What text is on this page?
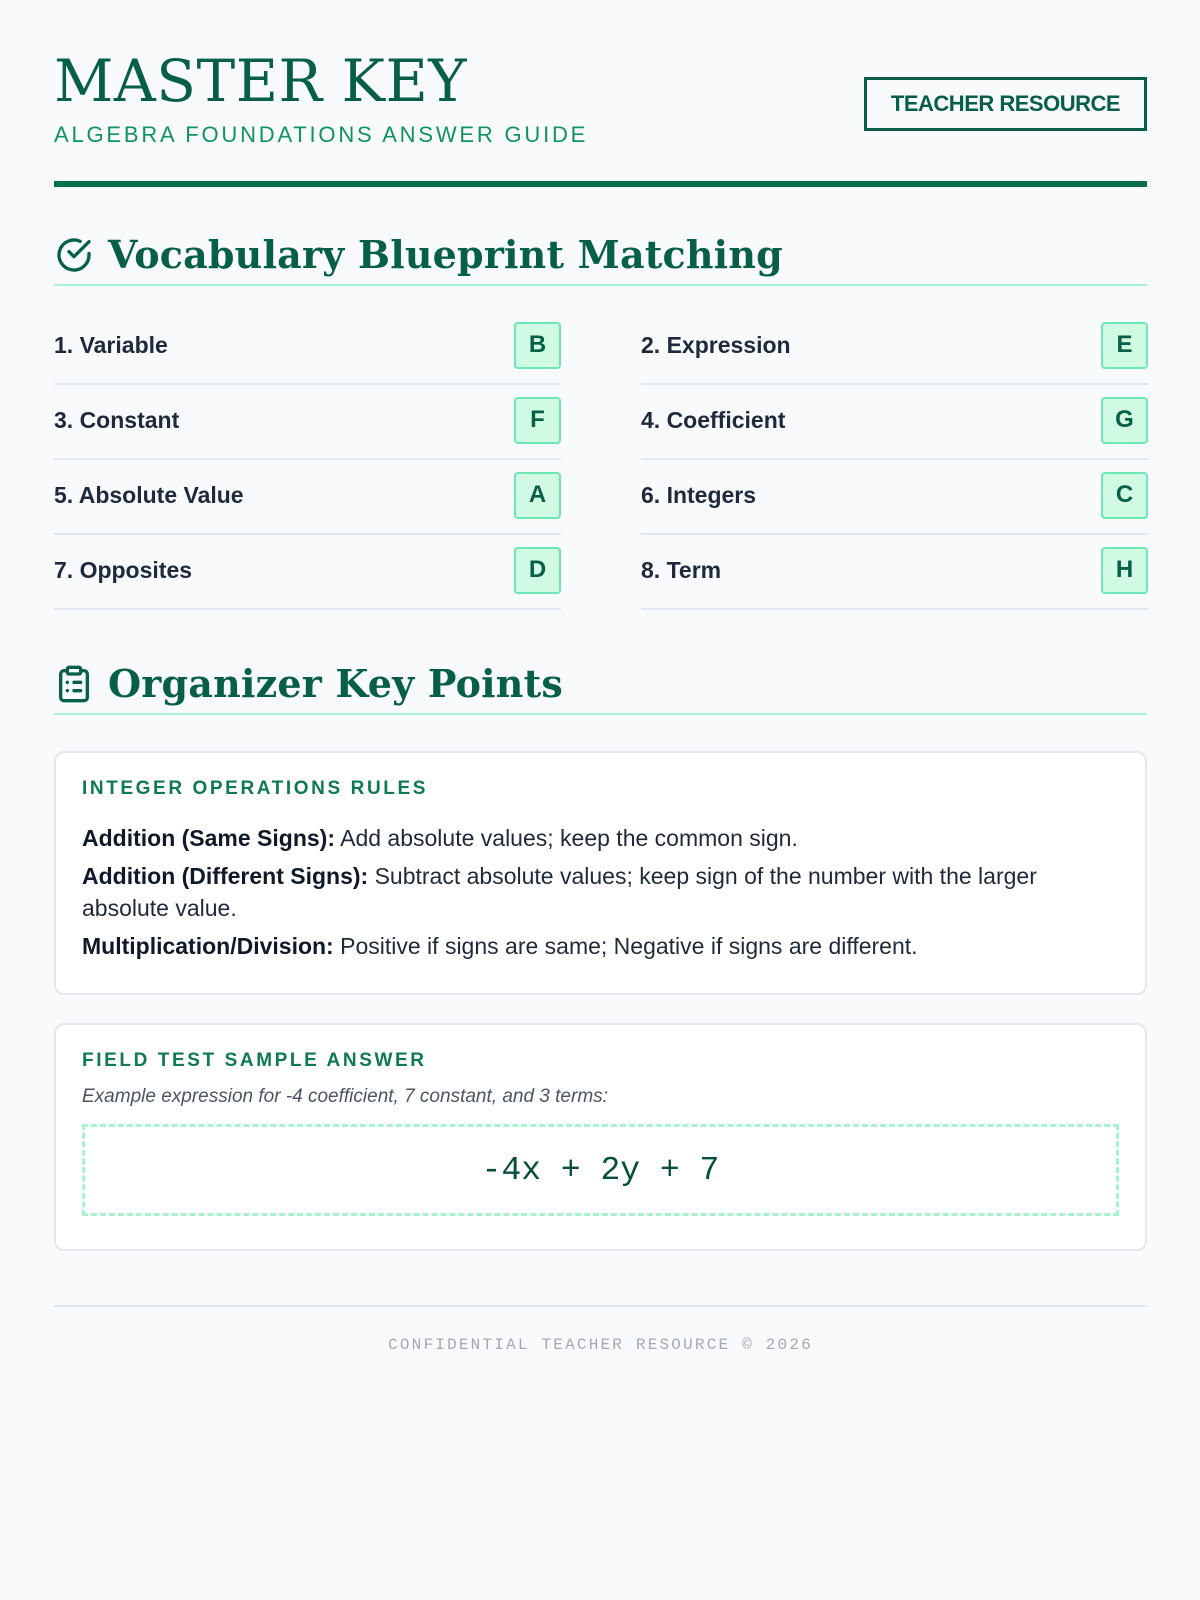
MASTER KEY
ALGEBRA FOUNDATIONS ANSWER GUIDE
TEACHER RESOURCE
Vocabulary Blueprint Matching
1. Variable	B
3. Constant	F
5. Absolute Value	A
7. Opposites	D
2. Expression	E
4. Coefficient	G
6. Integers	C
8. Term	H
Organizer Key Points
INTEGER OPERATIONS RULES

Addition (Same Signs): Add absolute values; keep the common sign.

Addition (Different Signs): Subtract absolute values; keep sign of the number with the larger absolute value.

Multiplication/Division: Positive if signs are same; Negative if signs are different.

FIELD TEST SAMPLE ANSWER
Example expression for -4 coefficient, 7 constant, and 3 terms:
-4x + 2y + 7
CONFIDENTIAL TEACHER RESOURCE © 2026
